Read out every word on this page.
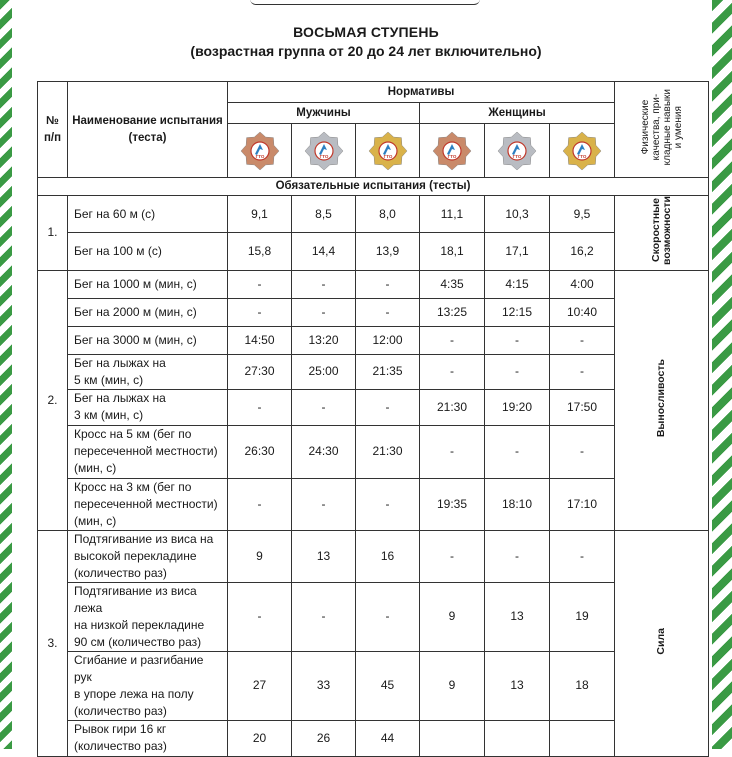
ВОСЬМАЯ СТУПЕНЬ
(возрастная группа от 20 до 24 лет включительно)
№
п/п	Наименование испытания
(теста)	Нормативы						Физические
качества, при-
кладные навыки
и умения
		Мужчины			Женщины			

ГТО	ГТО	ГТО	ГТО	ГТО	ГТО	

Обязательные испытания (тесты)								
1.	Бег на 60 м (с)	9,1	8,5	8,0	11,1	10,3	9,5	Скоростные
возможности
	Бег на 100 м (с)	15,8	14,4	13,9	18,1	17,1	16,2	
2.	Бег на 1000 м (мин, с)	-	-	-	4:35	4:15	4:00	Выносливость
	Бег на 2000 м (мин, с)	-	-	-	13:25	12:15	10:40	
	Бег на 3000 м (мин, с)	14:50	13:20	12:00	-	-	-	
	Бег на лыжах на
5 км (мин, с)	27:30	25:00	21:35	-	-	-	
	Бег на лыжах на
3 км (мин, с)	-	-	-	21:30	19:20	17:50	
	Кросс на 5 км (бег по
пересеченной местности)
(мин, с)	26:30	24:30	21:30	-	-	-	
	Кросс на 3 км (бег по
пересеченной местности)
(мин, с)	-	-	-	19:35	18:10	17:10	
3.	Подтягивание из виса на
высокой перекладине
(количество раз)	9	13	16	-	-	-	Сила
	Подтягивание из виса лежа
на низкой перекладине
90 см (количество раз)	-	-	-	9	13	19	
	Сгибание и разгибание рук
в упоре лежа на полу
(количество раз)	27	33	45	9	13	18	
	Рывок гири 16 кг
(количество раз)	20	26	44				
